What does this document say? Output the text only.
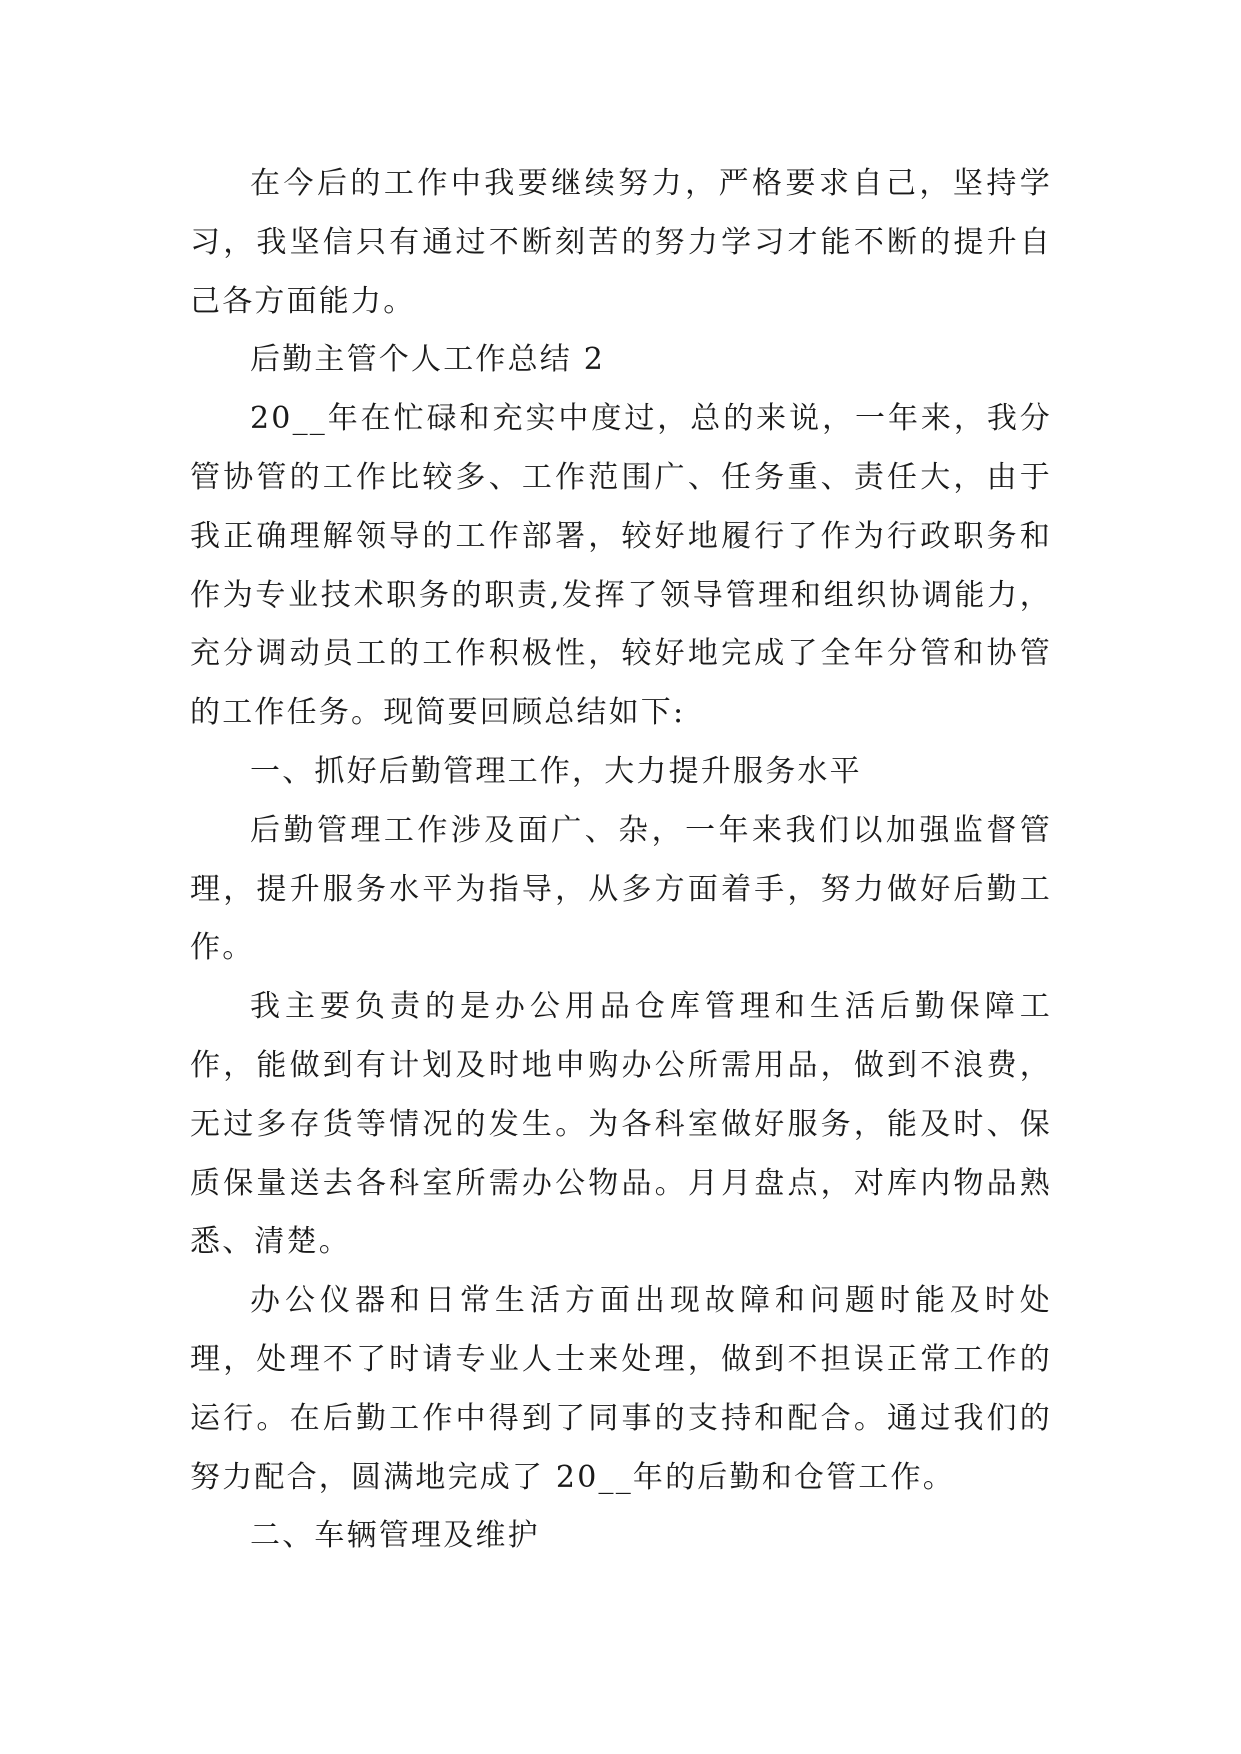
在今后的工作中我要继续努力，严格要求自己，坚持学习，我坚信只有通过不断刻苦的努力学习才能不断的提升自己各方面能力。

后勤主管个人工作总结 2

20__年在忙碌和充实中度过，总的来说，一年来，我分管协管的工作比较多、工作范围广、任务重、责任大，由于我正确理解领导的工作部署，较好地履行了作为行政职务和作为专业技术职务的职责,发挥了领导管理和组织协调能力，充分调动员工的工作积极性，较好地完成了全年分管和协管的工作任务。现简要回顾总结如下:

一、抓好后勤管理工作，大力提升服务水平

后勤管理工作涉及面广、杂，一年来我们以加强监督管理，提升服务水平为指导，从多方面着手，努力做好后勤工作。

我主要负责的是办公用品仓库管理和生活后勤保障工作，能做到有计划及时地申购办公所需用品，做到不浪费，无过多存货等情况的发生。为各科室做好服务，能及时、保质保量送去各科室所需办公物品。月月盘点，对库内物品熟悉、清楚。

办公仪器和日常生活方面出现故障和问题时能及时处理，处理不了时请专业人士来处理，做到不担误正常工作的运行。在后勤工作中得到了同事的支持和配合。通过我们的努力配合，圆满地完成了 20__年的后勤和仓管工作。

二、车辆管理及维护
